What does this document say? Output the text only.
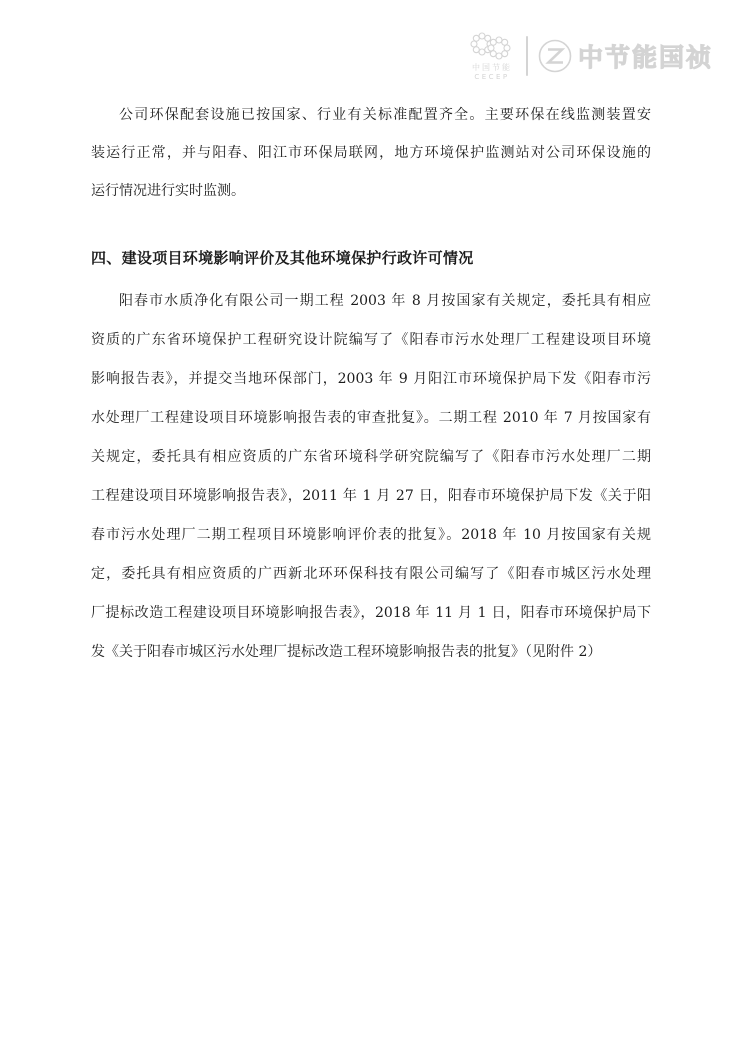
中国节能
CECEP
中节能国祯
公司环保配套设施已按国家、行业有关标准配置齐全。主要环保在线监测装置安
装运行正常，并与阳春、阳江市环保局联网，地方环境保护监测站对公司环保设施的
运行情况进行实时监测。
四、建设项目环境影响评价及其他环境保护行政许可情况
阳春市水质净化有限公司一期工程 2003 年 8 月按国家有关规定，委托具有相应
资质的广东省环境保护工程研究设计院编写了《阳春市污水处理厂工程建设项目环境
影响报告表》，并提交当地环保部门，2003 年 9 月阳江市环境保护局下发《阳春市污
水处理厂工程建设项目环境影响报告表的审查批复》。二期工程 2010 年 7 月按国家有
关规定，委托具有相应资质的广东省环境科学研究院编写了《阳春市污水处理厂二期
工程建设项目环境影响报告表》，2011 年 1 月 27 日，阳春市环境保护局下发《关于阳
春市污水处理厂二期工程项目环境影响评价表的批复》。2018 年 10 月按国家有关规
定，委托具有相应资质的广西新北环环保科技有限公司编写了《阳春市城区污水处理
厂提标改造工程建设项目环境影响报告表》，2018 年 11 月 1 日，阳春市环境保护局下
发《关于阳春市城区污水处理厂提标改造工程环境影响报告表的批复》（见附件 2）
